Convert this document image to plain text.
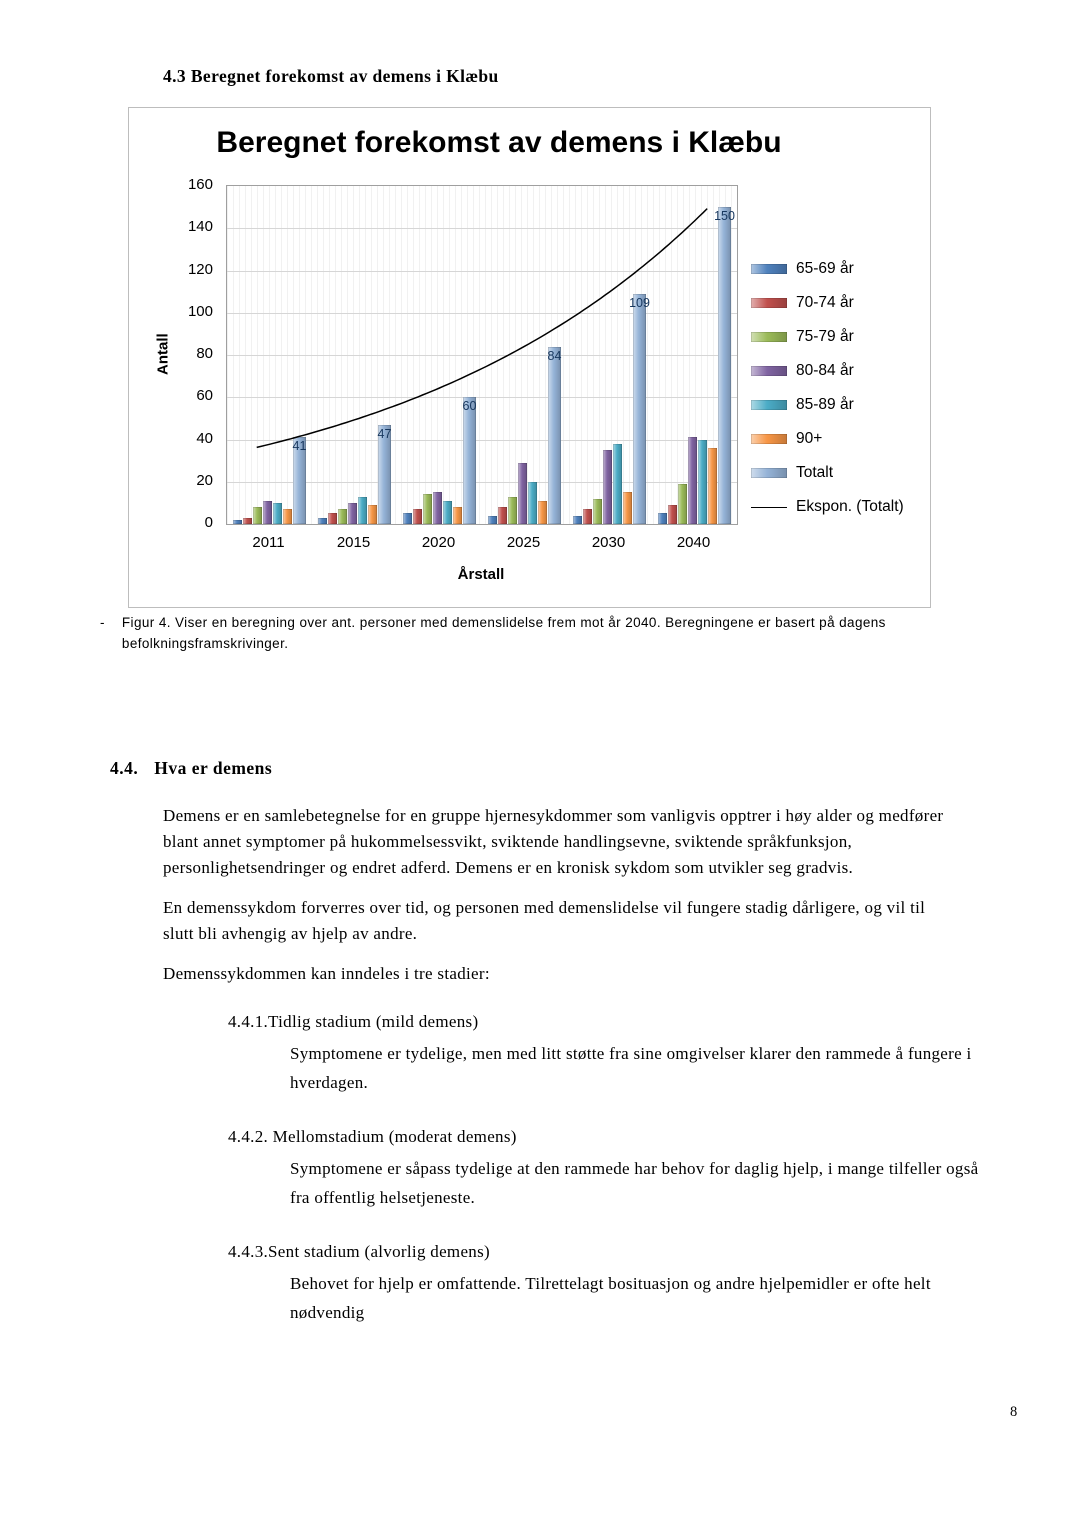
4.3 Beregnet forekomst av demens i Klæbu
Beregnet forekomst av demens i Klæbu
Antall
0
20
40
60
80
100
120
140
160
41
47
60
84
109
150
2011	2015	2020	2025	2030	2040
Årstall
65-69 år
70-74 år
75-79 år
80-84 år
85-89 år
90+
Totalt
Ekspon. (Totalt)
- Figur 4. Viser en beregning over ant. personer med demenslidelse frem mot år 2040. Beregningene er basert på dagens befolkningsframskrivinger.
4.4. Hva er demens

Demens er en samlebetegnelse for en gruppe hjernesykdommer som vanligvis opptrer i høy alder og medfører blant annet symptomer på hukommelsessvikt, sviktende handlingsevne, sviktende språkfunksjon, personlighetsendringer og endret adferd. Demens er en kronisk sykdom som utvikler seg gradvis.

En demenssykdom forverres over tid, og personen med demenslidelse vil fungere stadig dårligere, og vil til slutt bli avhengig av hjelp av andre.

Demenssykdommen kan inndeles i tre stadier:

4.4.1.Tidlig stadium (mild demens)
Symptomene er tydelige, men med litt støtte fra sine omgivelser klarer den rammede å fungere i hverdagen.
4.4.2. Mellomstadium (moderat demens)
Symptomene er såpass tydelige at den rammede har behov for daglig hjelp, i mange tilfeller også fra offentlig helsetjeneste.
4.4.3.Sent stadium (alvorlig demens)
Behovet for hjelp er omfattende. Tilrettelagt bosituasjon og andre hjelpemidler er ofte helt nødvendig
8
